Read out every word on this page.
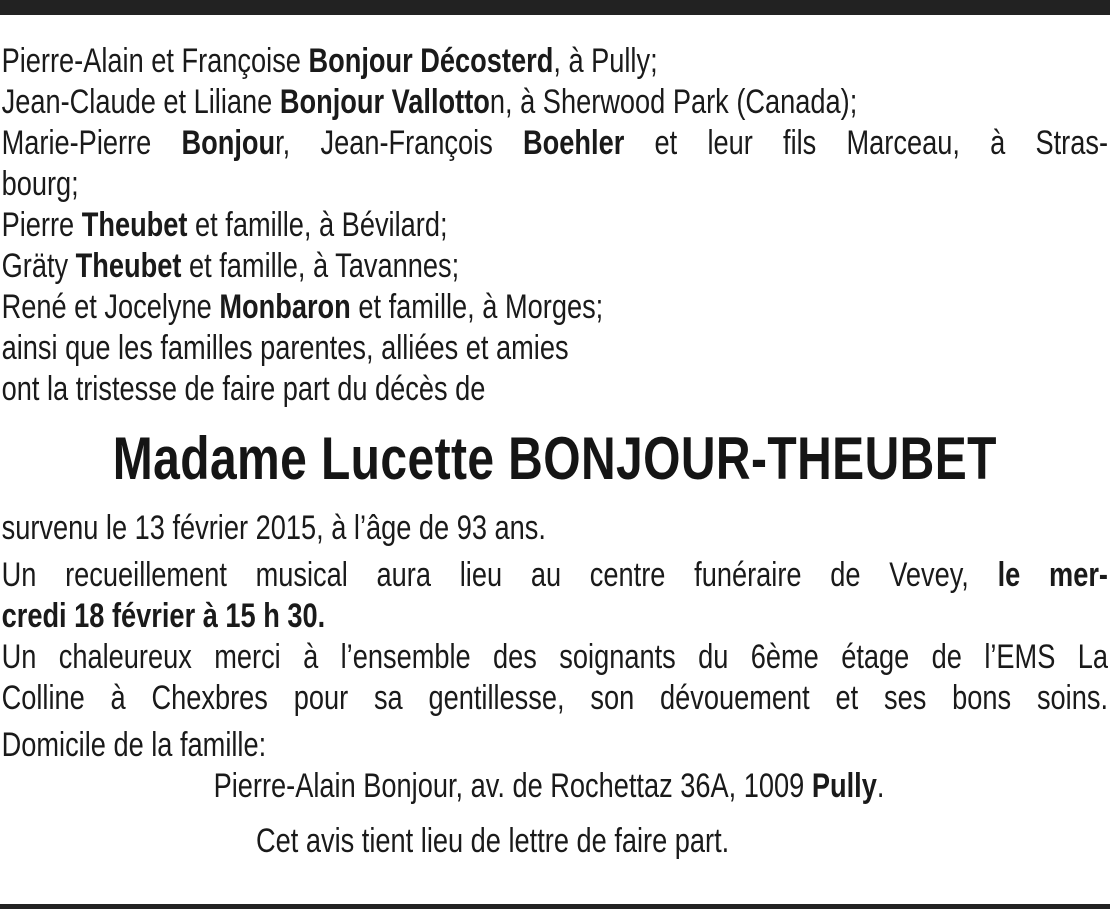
Pierre-Alain et Françoise Bonjour Décosterd, à Pully;
Jean-Claude et Liliane Bonjour Vallotton, à Sherwood Park (Canada);
Marie-Pierre Bonjour, Jean-François Boehler et leur fils Marceau, à Stras-
bourg;
Pierre Theubet et famille, à Bévilard;
Gräty Theubet et famille, à Tavannes;
René et Jocelyne Monbaron et famille, à Morges;
ainsi que les familles parentes, alliées et amies
ont la tristesse de faire part du décès de
Madame Lucette BONJOUR-THEUBET
survenu le 13 février 2015, à l’âge de 93 ans.
Un recueillement musical aura lieu au centre funéraire de Vevey, le mer-
credi 18 février à 15 h 30.
Un chaleureux merci à l’ensemble des soignants du 6ème étage de l’EMS La
Colline à Chexbres pour sa gentillesse, son dévouement et ses bons soins.
Domicile de la famille:
Pierre-Alain Bonjour, av. de Rochettaz 36A, 1009 Pully.
Cet avis tient lieu de lettre de faire part.
